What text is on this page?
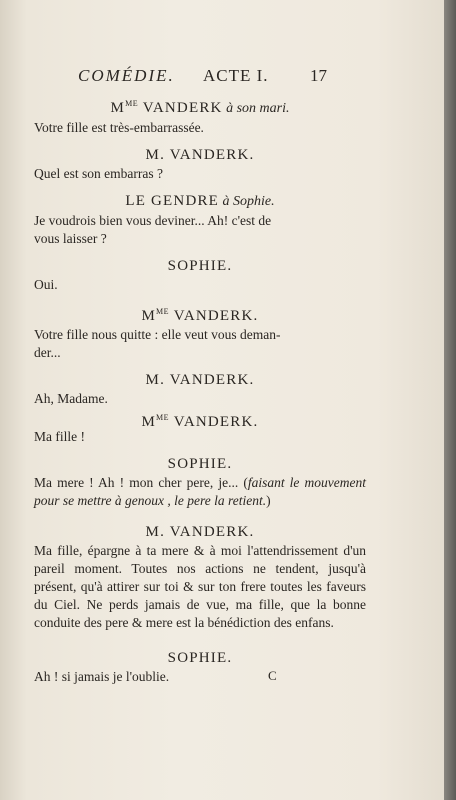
COMÉDIE. ACTE I. 17
$M^{ME}$ VANDERK à son mari.

Votre fille est très-embarrassée.

M. VANDERK.

Quel est son embarras ?

LE GENDRE à Sophie.

Je voudrois bien vous deviner... Ah! c'est de

vous laisser ?

SOPHIE.

Oui.

$M^{ME}$ VANDERK.

Votre fille nous quitte : elle veut vous deman-

der...

M. VANDERK.

Ah, Madame.

$M^{ME}$ VANDERK.

Ma fille !

SOPHIE.

Ma mere ! Ah ! mon cher pere, je... (faisant le mouvement pour se mettre à genoux , le pere la retient.)

M. VANDERK.

Ma fille, épargne à ta mere & à moi l'attendrissement d'un pareil moment. Toutes nos actions ne tendent, jusqu'à présent, qu'à attirer sur toi & sur ton frere toutes les faveurs du Ciel. Ne perds jamais de vue, ma fille, que la bonne conduite des pere & mere est la bénédiction des enfans.

SOPHIE.

Ah ! si jamais je l'oublie.	C
